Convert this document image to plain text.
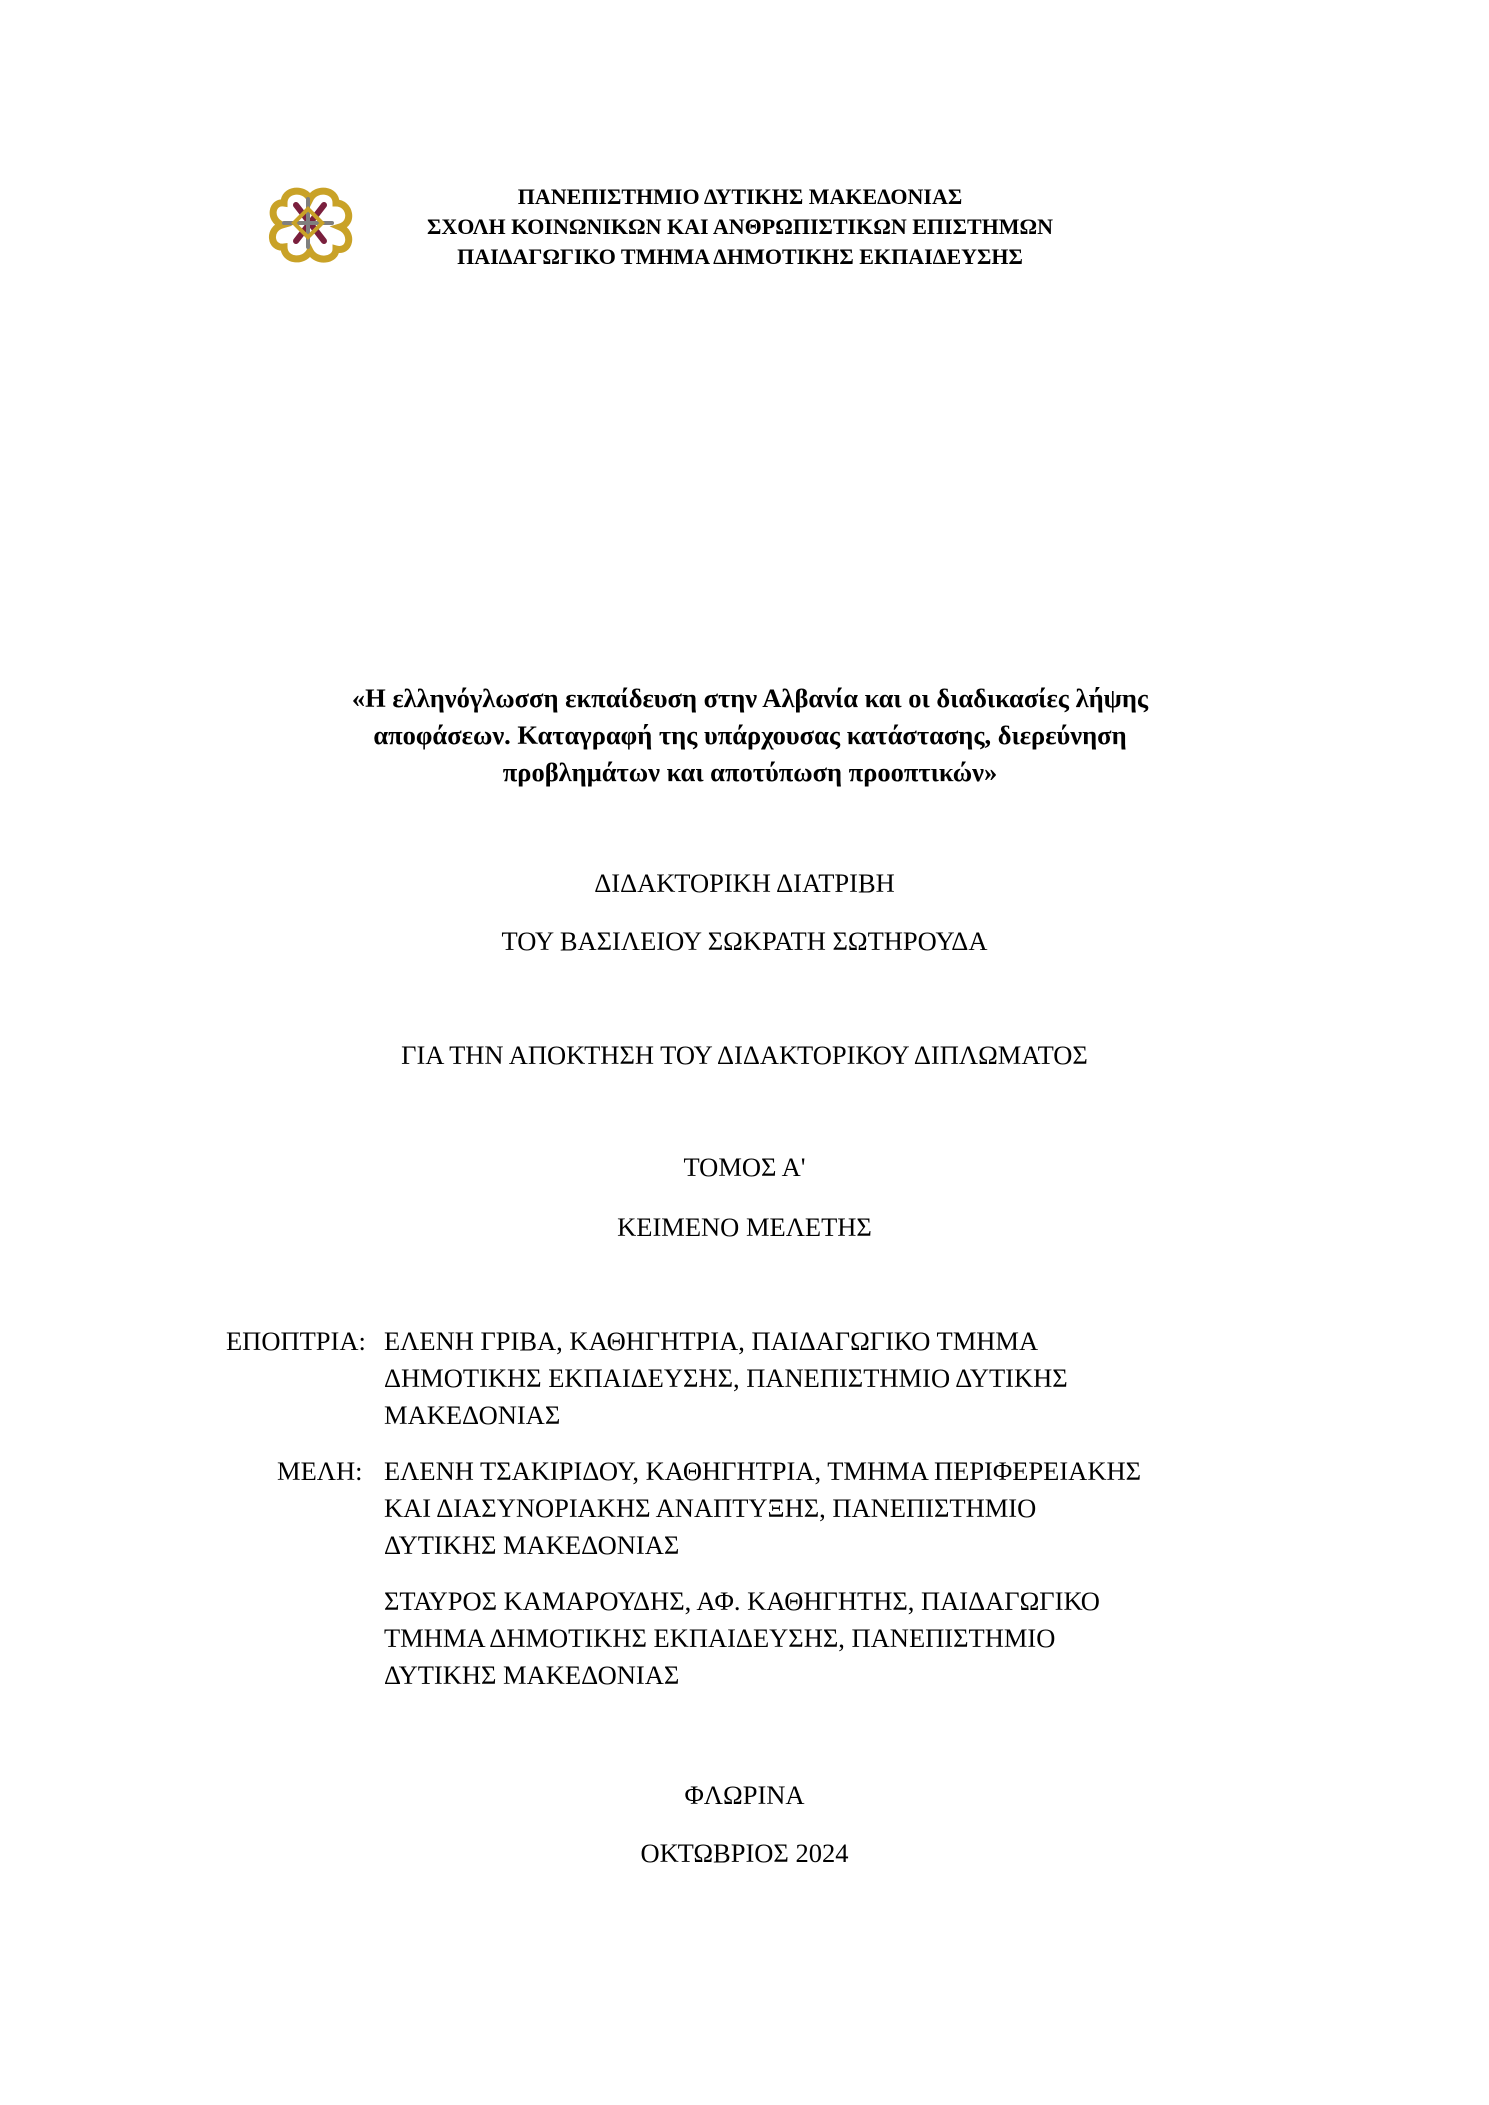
ΠΑΝΕΠΙΣΤΗΜΙΟ ΔΥΤΙΚΗΣ ΜΑΚΕΔΟΝΙΑΣ
ΣΧΟΛΗ ΚΟΙΝΩΝΙΚΩΝ ΚΑΙ ΑΝΘΡΩΠΙΣΤΙΚΩΝ ΕΠΙΣΤΗΜΩΝ
ΠΑΙΔΑΓΩΓΙΚΟ ΤΜΗΜΑ ΔΗΜΟΤΙΚΗΣ ΕΚΠΑΙΔΕΥΣΗΣ
«Η ελληνόγλωσση εκπαίδευση στην Αλβανία και οι διαδικασίες λήψης
αποφάσεων. Καταγραφή της υπάρχουσας κατάστασης, διερεύνηση
προβλημάτων και αποτύπωση προοπτικών»
ΔΙΔΑΚΤΟΡΙΚΗ ΔΙΑΤΡΙΒΗ
ΤΟΥ ΒΑΣΙΛΕΙΟΥ ΣΩΚΡΑΤΗ ΣΩΤΗΡΟΥΔΑ
ΓΙΑ ΤΗΝ ΑΠΟΚΤΗΣΗ ΤΟΥ ΔΙΔΑΚΤΟΡΙΚΟΥ ΔΙΠΛΩΜΑΤΟΣ
ΤΟΜΟΣ Α'
ΚΕΙΜΕΝΟ ΜΕΛΕΤΗΣ
ΕΠΟΠΤΡΙΑ: ΕΛΕΝΗ ΓΡΙΒΑ, ΚΑΘΗΓΗΤΡΙΑ, ΠΑΙΔΑΓΩΓΙΚΟ ΤΜΗΜΑ
ΔΗΜΟΤΙΚΗΣ ΕΚΠΑΙΔΕΥΣΗΣ, ΠΑΝΕΠΙΣΤΗΜΙΟ ΔΥΤΙΚΗΣ
ΜΑΚΕΔΟΝΙΑΣ
ΜΕΛΗ: ΕΛΕΝΗ ΤΣΑΚΙΡΙΔΟΥ, ΚΑΘΗΓΗΤΡΙΑ, ΤΜΗΜΑ ΠΕΡΙΦΕΡΕΙΑΚΗΣ
ΚΑΙ ΔΙΑΣΥΝΟΡΙΑΚΗΣ ΑΝΑΠΤΥΞΗΣ, ΠΑΝΕΠΙΣΤΗΜΙΟ
ΔΥΤΙΚΗΣ ΜΑΚΕΔΟΝΙΑΣ
ΣΤΑΥΡΟΣ ΚΑΜΑΡΟΥΔΗΣ, ΑΦ. ΚΑΘΗΓΗΤΗΣ, ΠΑΙΔΑΓΩΓΙΚΟ
ΤΜΗΜΑ ΔΗΜΟΤΙΚΗΣ ΕΚΠΑΙΔΕΥΣΗΣ, ΠΑΝΕΠΙΣΤΗΜΙΟ
ΔΥΤΙΚΗΣ ΜΑΚΕΔΟΝΙΑΣ
ΦΛΩΡΙΝΑ
ΟΚΤΩΒΡΙΟΣ 2024
